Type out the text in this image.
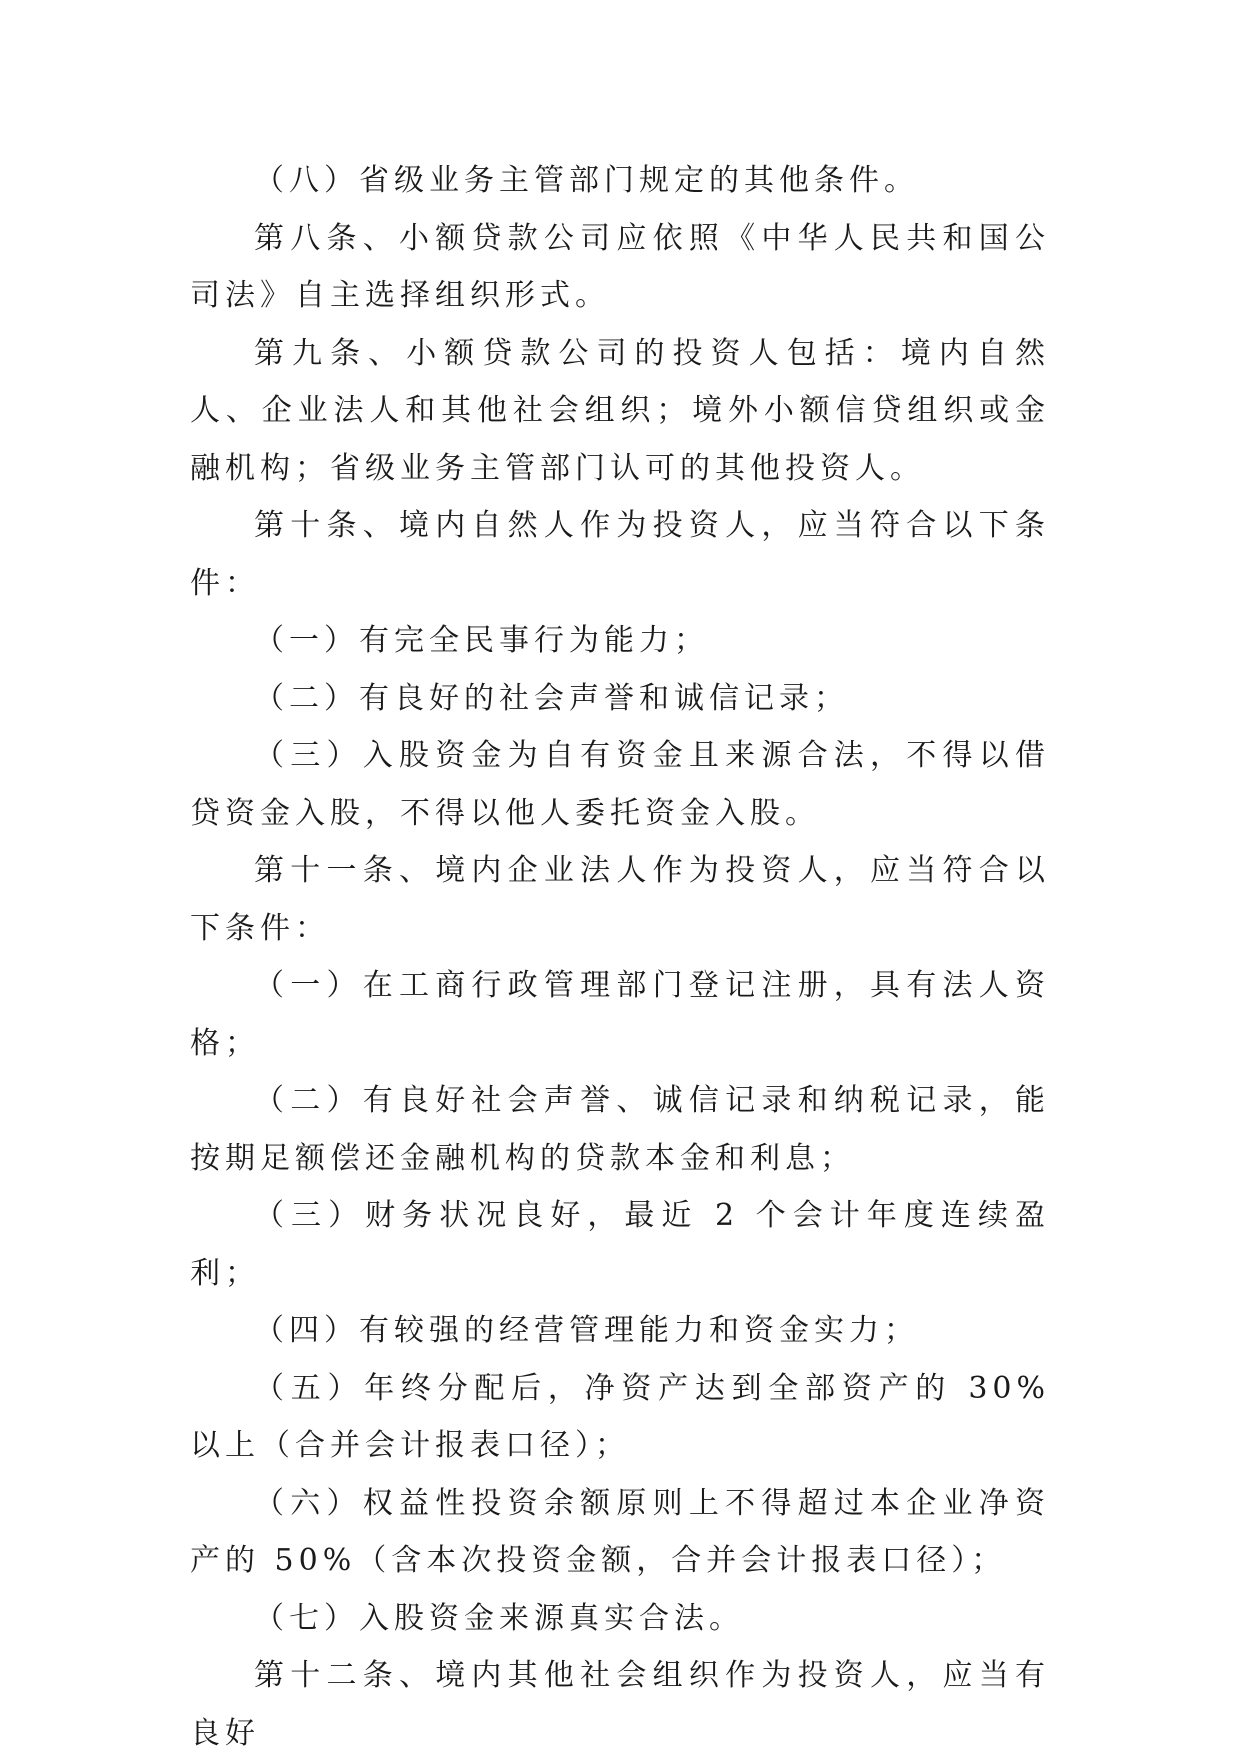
（八）省级业务主管部门规定的其他条件。

第八条、小额贷款公司应依照《中华人民共和国公司法》自主选择组织形式。

第九条、小额贷款公司的投资人包括：境内自然人、企业法人和其他社会组织；境外小额信贷组织或金融机构；省级业务主管部门认可的其他投资人。

第十条、境内自然人作为投资人，应当符合以下条件：

（一）有完全民事行为能力；

（二）有良好的社会声誉和诚信记录；

（三）入股资金为自有资金且来源合法，不得以借贷资金入股，不得以他人委托资金入股。

第十一条、境内企业法人作为投资人，应当符合以下条件：

（一）在工商行政管理部门登记注册，具有法人资格；

（二）有良好社会声誉、诚信记录和纳税记录，能按期足额偿还金融机构的贷款本金和利息；

（三）财务状况良好，最近 2 个会计年度连续盈利；

（四）有较强的经营管理能力和资金实力；

（五）年终分配后，净资产达到全部资产的 30%以上（合并会计报表口径）；

（六）权益性投资余额原则上不得超过本企业净资产的 50%（含本次投资金额，合并会计报表口径）；

（七）入股资金来源真实合法。

第十二条、境内其他社会组织作为投资人，应当有良好
